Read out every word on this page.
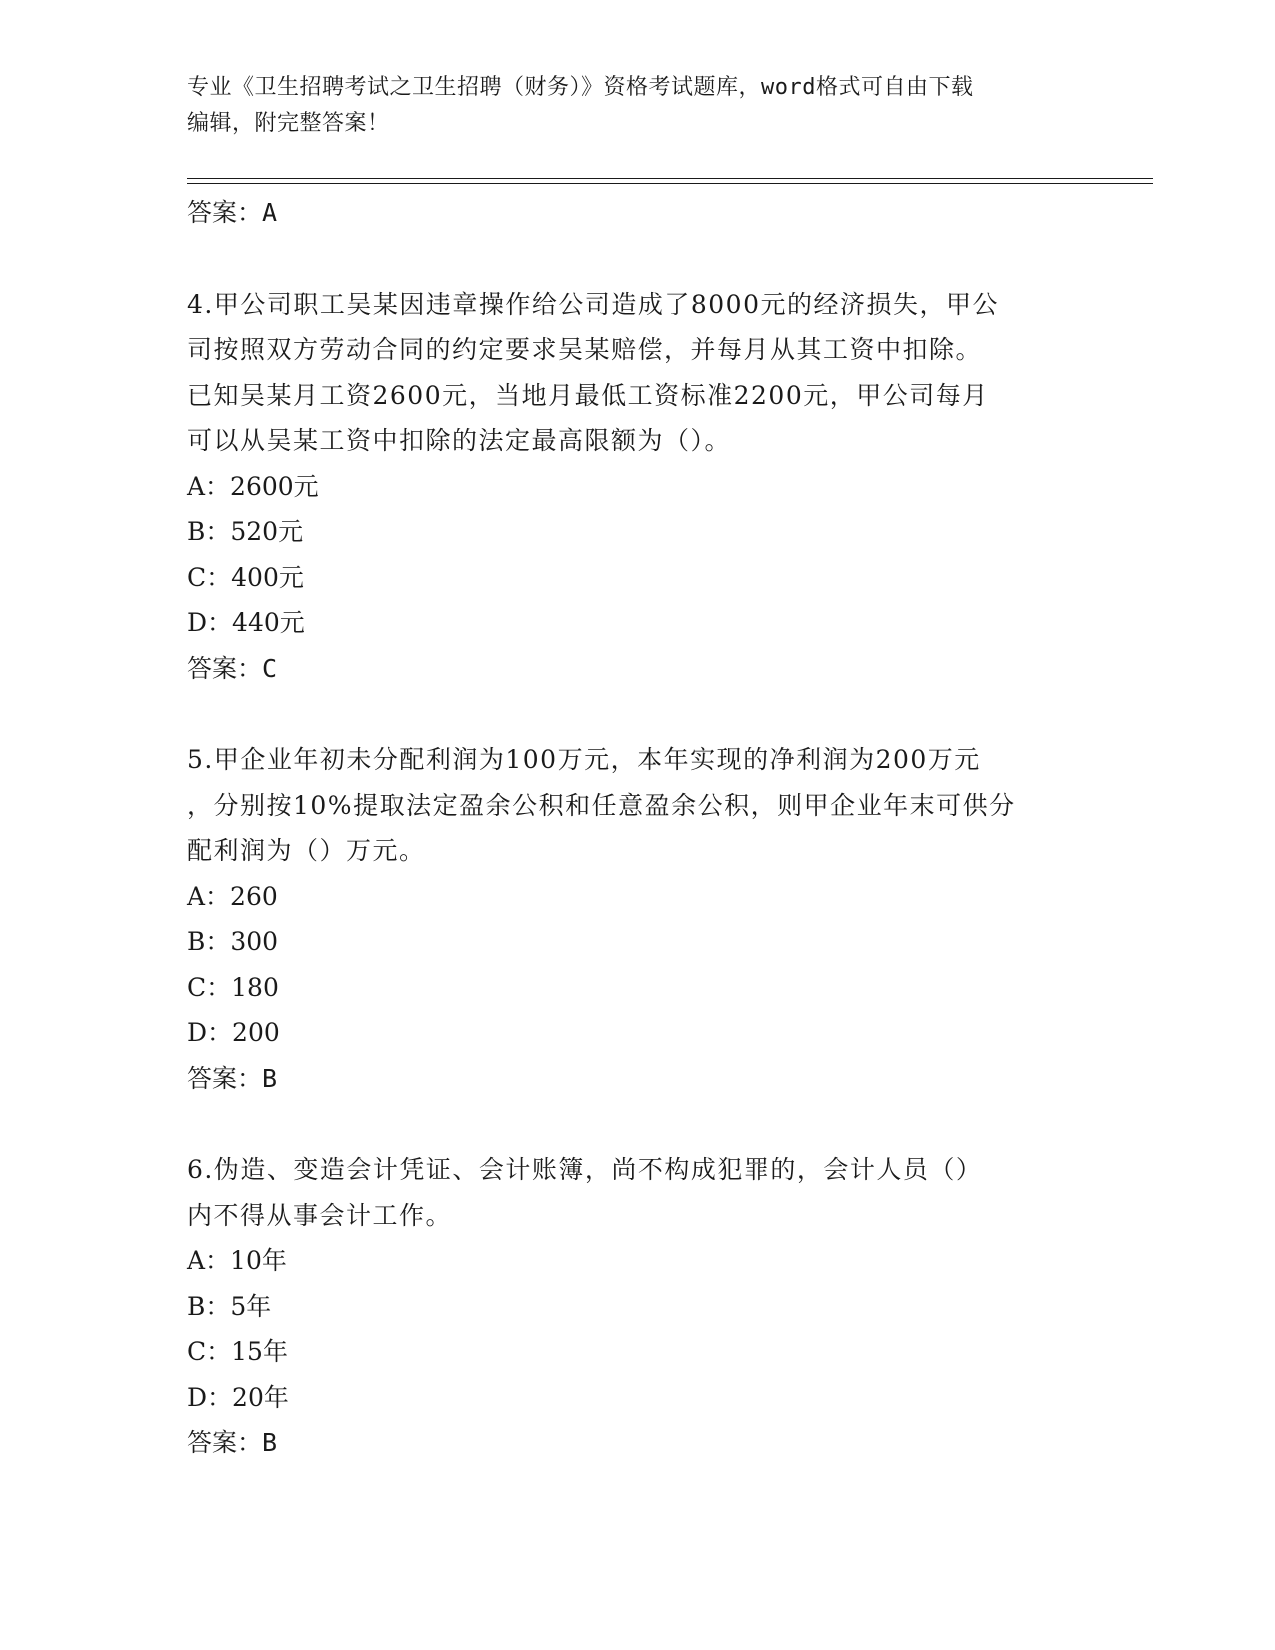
专业《卫生招聘考试之卫生招聘（财务）》资格考试题库，word格式可自由下载
编辑，附完整答案！
答案：A
4.甲公司职工吴某因违章操作给公司造成了8000元的经济损失，甲公
司按照双方劳动合同的约定要求吴某赔偿，并每月从其工资中扣除。
已知吴某月工资2600元，当地月最低工资标准2200元，甲公司每月
可以从吴某工资中扣除的法定最高限额为（）。
A：2600元
B：520元
C：400元
D：440元
答案：C
5.甲企业年初未分配利润为100万元，本年实现的净利润为200万元
，分别按10%提取法定盈余公积和任意盈余公积，则甲企业年末可供分
配利润为（）万元。
A：260
B：300
C：180
D：200
答案：B
6.伪造、变造会计凭证、会计账簿，尚不构成犯罪的，会计人员（）
内不得从事会计工作。
A：10年
B：5年
C：15年
D：20年
答案：B
